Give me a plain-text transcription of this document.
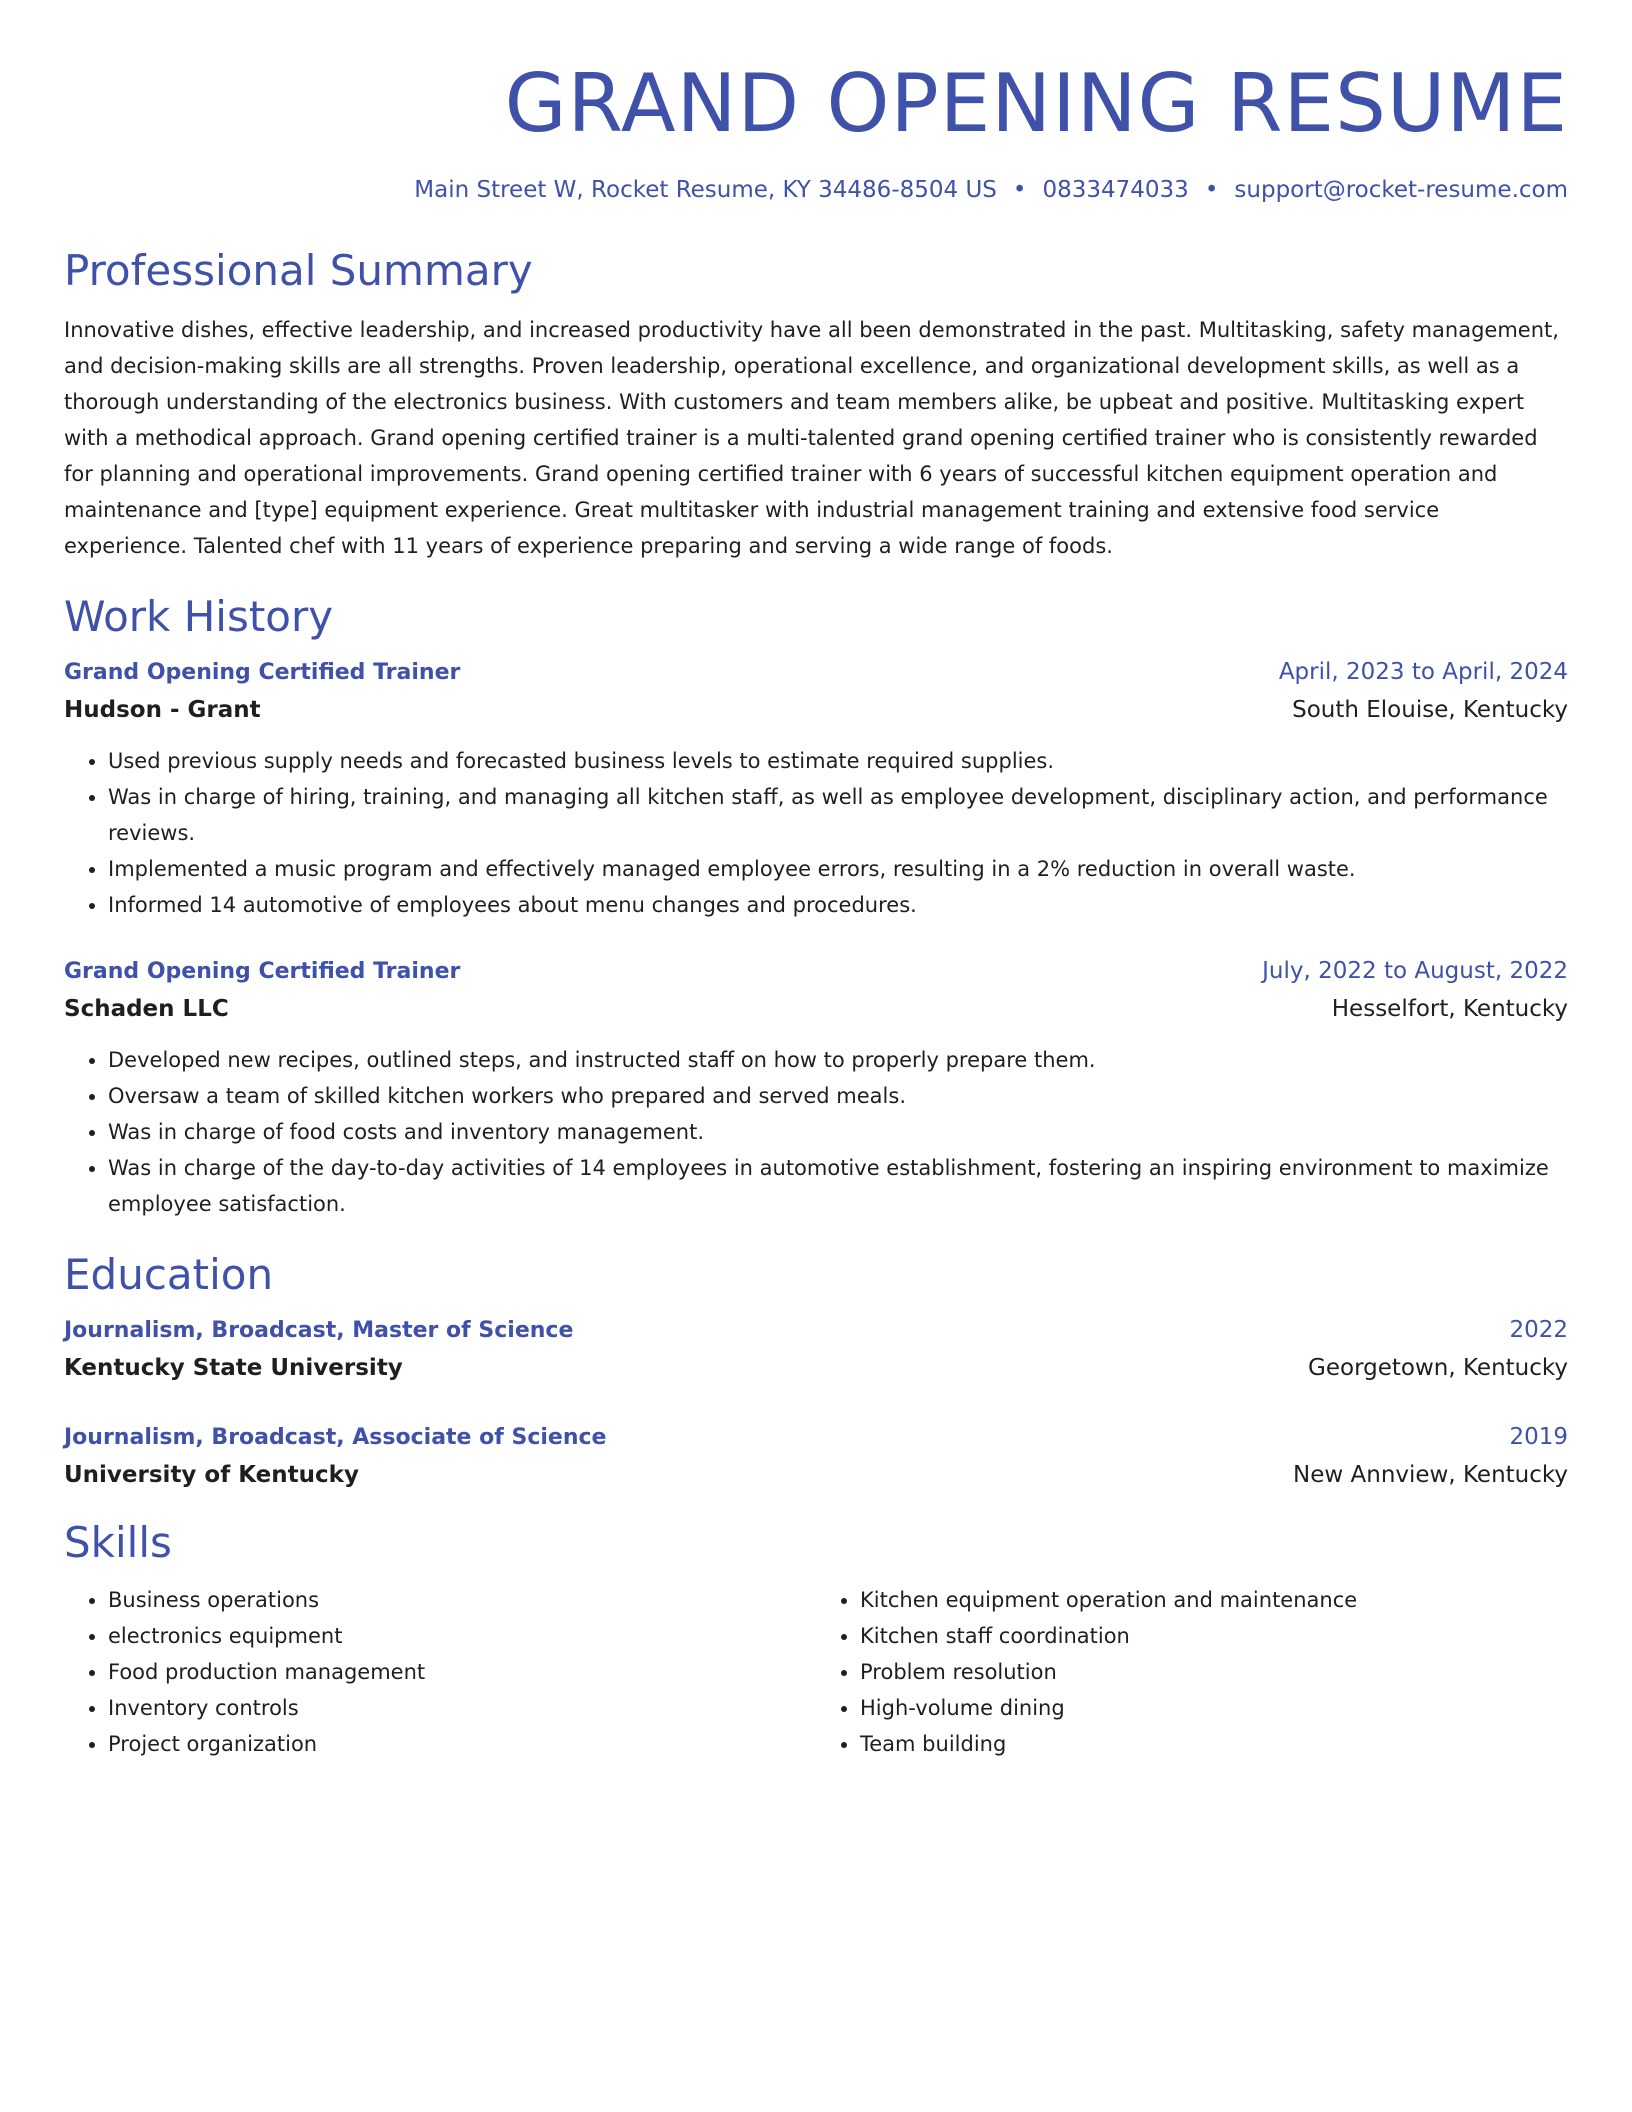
GRAND OPENING RESUME
Main Street W, Rocket Resume, KY 34486-8504 US • 0833474033 • support@rocket-resume.com
Professional Summary

Innovative dishes, effective leadership, and increased productivity have all been demonstrated in the past. Multitasking, safety management, and decision-making skills are all strengths. Proven leadership, operational excellence, and organizational development skills, as well as a thorough understanding of the electronics business. With customers and team members alike, be upbeat and positive. Multitasking expert with a methodical approach. Grand opening certified trainer is a multi-talented grand opening certified trainer who is consistently rewarded for planning and operational improvements. Grand opening certified trainer with 6 years of successful kitchen equipment operation and maintenance and [type] equipment experience. Great multitasker with industrial management training and extensive food service experience. Talented chef with 11 years of experience preparing and serving a wide range of foods.

Work History
Grand Opening Certified Trainer	April, 2023 to April, 2024
Hudson - Grant	South Elouise, Kentucky
• Used previous supply needs and forecasted business levels to estimate required supplies.
• Was in charge of hiring, training, and managing all kitchen staff, as well as employee development, disciplinary action, and performance reviews.
• Implemented a music program and effectively managed employee errors, resulting in a 2% reduction in overall waste.
• Informed 14 automotive of employees about menu changes and procedures.
Grand Opening Certified Trainer	July, 2022 to August, 2022
Schaden LLC	Hesselfort, Kentucky
• Developed new recipes, outlined steps, and instructed staff on how to properly prepare them.
• Oversaw a team of skilled kitchen workers who prepared and served meals.
• Was in charge of food costs and inventory management.
• Was in charge of the day-to-day activities of 14 employees in automotive establishment, fostering an inspiring environment to maximize employee satisfaction.
Education
Journalism, Broadcast, Master of Science	2022
Kentucky State University	Georgetown, Kentucky
Journalism, Broadcast, Associate of Science	2019
University of Kentucky	New Annview, Kentucky
Skills
• Business operations
• electronics equipment
• Food production management
• Inventory controls
• Project organization
• Kitchen equipment operation and maintenance
• Kitchen staff coordination
• Problem resolution
• High-volume dining
• Team building
